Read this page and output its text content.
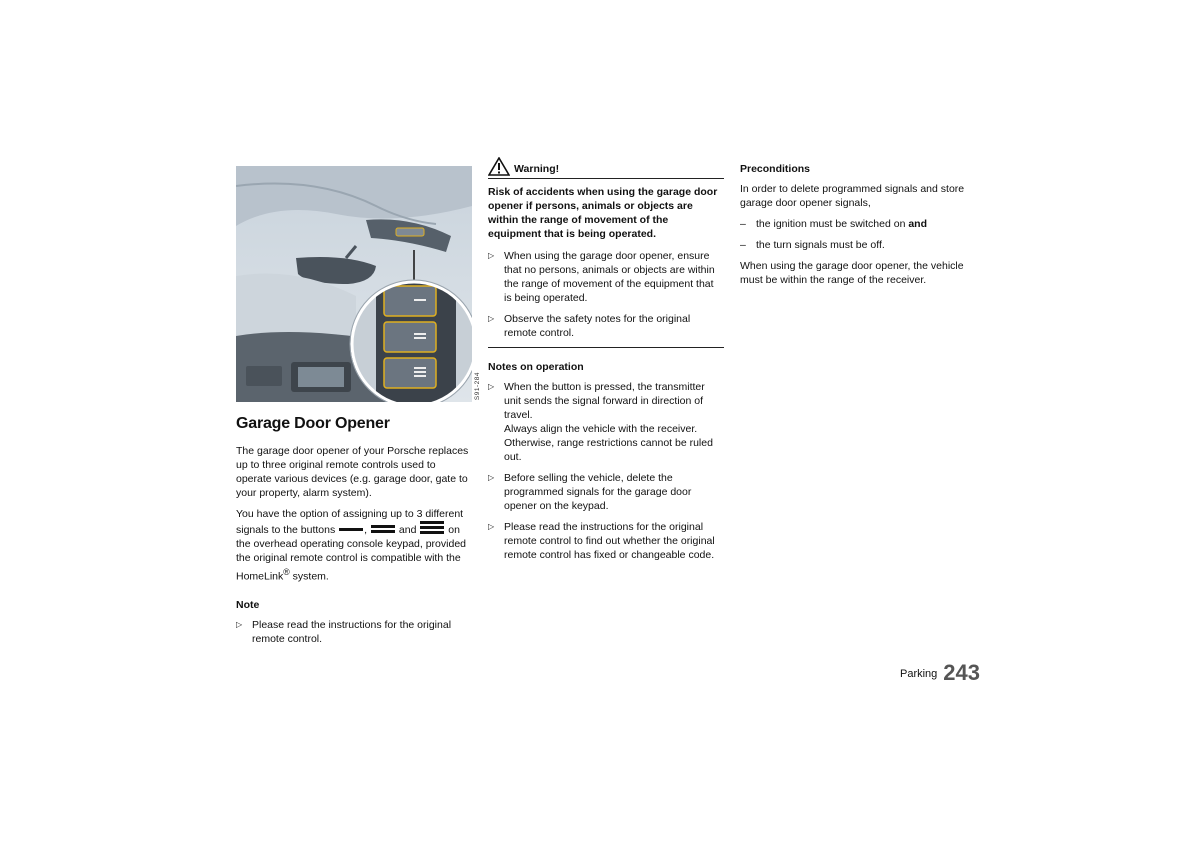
S91-284
Garage Door Opener

The garage door opener of your Porsche replaces up to three original remote controls used to operate various devices (e.g. garage door, gate to your property, alarm system).

You have the option of assigning up to 3 different signals to the buttons	,	and	on the overhead operating console keypad, provided the original remote control is compatible with the HomeLink® system.

Note
▷ Please read the instructions for the original remote control.
Warning!
Risk of accidents when using the garage door opener if persons, animals or objects are within the range of movement of the equipment that is being operated.
▷ When using the garage door opener, ensure that no persons, animals or objects are within the range of movement of the equipment that is being operated.
▷ Observe the safety notes for the original remote control.
Notes on operation
▷ When the button is pressed, the transmitter unit sends the signal forward in direction of travel.
Always align the vehicle with the receiver. Otherwise, range restrictions cannot be ruled out.
▷ Before selling the vehicle, delete the programmed signals for the garage door opener on the keypad.
▷ Please read the instructions for the original remote control to find out whether the original remote control has fixed or changeable code.
Preconditions

In order to delete programmed signals and store garage door opener signals,

– the ignition must be switched on and
– the turn signals must be off.

When using the garage door opener, the vehicle must be within the range of the receiver.

Parking 243
